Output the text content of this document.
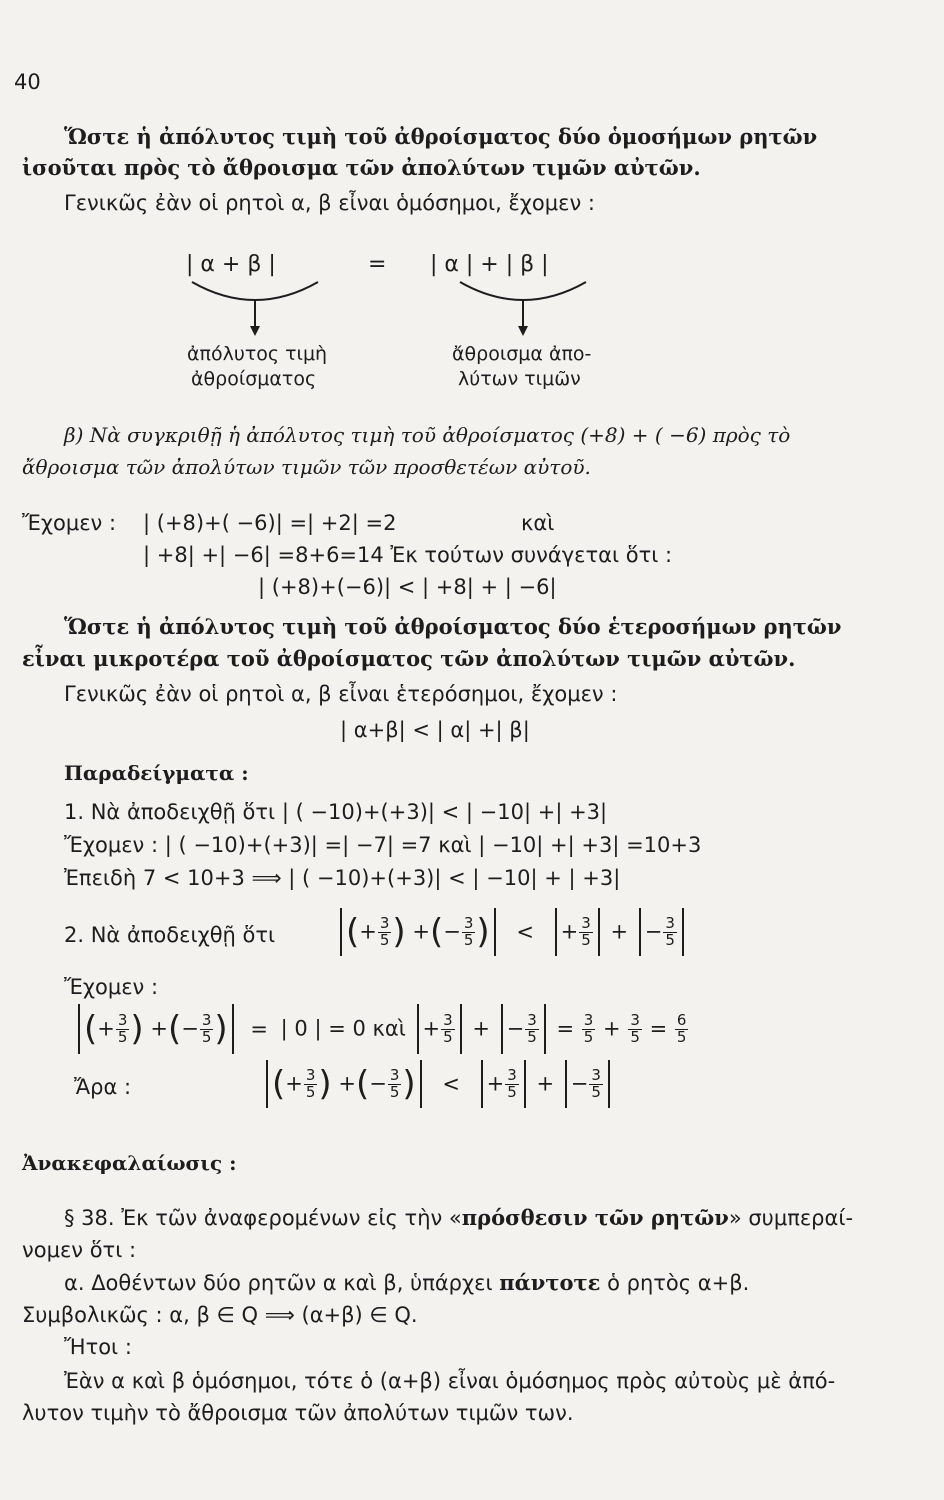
40
Ὥστε ἡ ἀπόλυτος τιμὴ τοῦ ἀθροίσματος δύο ὁμοσήμων ρητῶν
ἰσοῦται πρὸς τὸ ἄθροισμα τῶν ἀπολύτων τιμῶν αὐτῶν.
Γενικῶς ἐὰν οἱ ρητοὶ α, β εἶναι ὁμόσημοι, ἔχομεν :
| α + β |	= | α | + | β |
ἀπόλυτος τιμὴ
ἀθροίσματος
ἄθροισμα ἀπο-
λύτων τιμῶν
β) Νὰ συγκριθῇ ἡ ἀπόλυτος τιμὴ τοῦ ἀθροίσματος (+8) + ( −6) πρὸς τὸ
ἄθροισμα τῶν ἀπολύτων τιμῶν τῶν προσθετέων αὐτοῦ.
Ἔχομεν : | (+8)+( −6)| =| +2| =2	καὶ
| +8| +| −6| =8+6=14 Ἐκ τούτων συνάγεται ὅτι :
| (+8)+(−6)| < | +8| + | −6|
Ὥστε ἡ ἀπόλυτος τιμὴ τοῦ ἀθροίσματος δύο ἑτεροσήμων ρητῶν
εἶναι μικροτέρα τοῦ ἀθροίσματος τῶν ἀπολύτων τιμῶν αὐτῶν.
Γενικῶς ἐὰν οἱ ρητοὶ α, β εἶναι ἑτερόσημοι, ἔχομεν :
| α+β| < | α| +| β|
Παραδείγματα :
1. Νὰ ἀποδειχθῇ ὅτι | ( −10)+(+3)| < | −10| +| +3|
Ἔχομεν : | ( −10)+(+3)| =| −7| =7 καὶ | −10| +| +3| =10+3
Ἐπειδὴ 7 < 10+3 ⟹ | ( −10)+(+3)| < | −10| + | +3|
2. Νὰ ἀποδειχθῇ ὅτι (+ $\frac{3}{5}$ ) +(− $\frac{3}{5}$ ) < + $\frac{3}{5}$ + − $\frac{3}{5}$
Ἔχομεν :
(+ $\frac{3}{5}$ ) +(− $\frac{3}{5}$ ) = | 0 | = 0 καὶ + $\frac{3}{5}$ + − $\frac{3}{5} = \frac{3}{5} + \frac{3}{5} = \frac{6}{5}$
Ἄρα :	(+ $\frac{3}{5}$ ) +(− $\frac{3}{5}$ ) < + $\frac{3}{5}$ + − $\frac{3}{5}$
Ἀνακεφαλαίωσις :
§ 38. Ἐκ τῶν ἀναφερομένων εἰς τὴν «πρόσθεσιν τῶν ρητῶν» συμπεραί-
νομεν ὅτι :
α. Δοθέντων δύο ρητῶν α καὶ β, ὑπάρχει πάντοτε ὁ ρητὸς α+β.
Συμβολικῶς : α, β ∈ Q ⟹ (α+β) ∈ Q.
Ἤτοι :
Ἐὰν α καὶ β ὁμόσημοι, τότε ὁ (α+β) εἶναι ὁμόσημος πρὸς αὐτοὺς μὲ ἀπό-
λυτον τιμὴν τὸ ἄθροισμα τῶν ἀπολύτων τιμῶν των.
